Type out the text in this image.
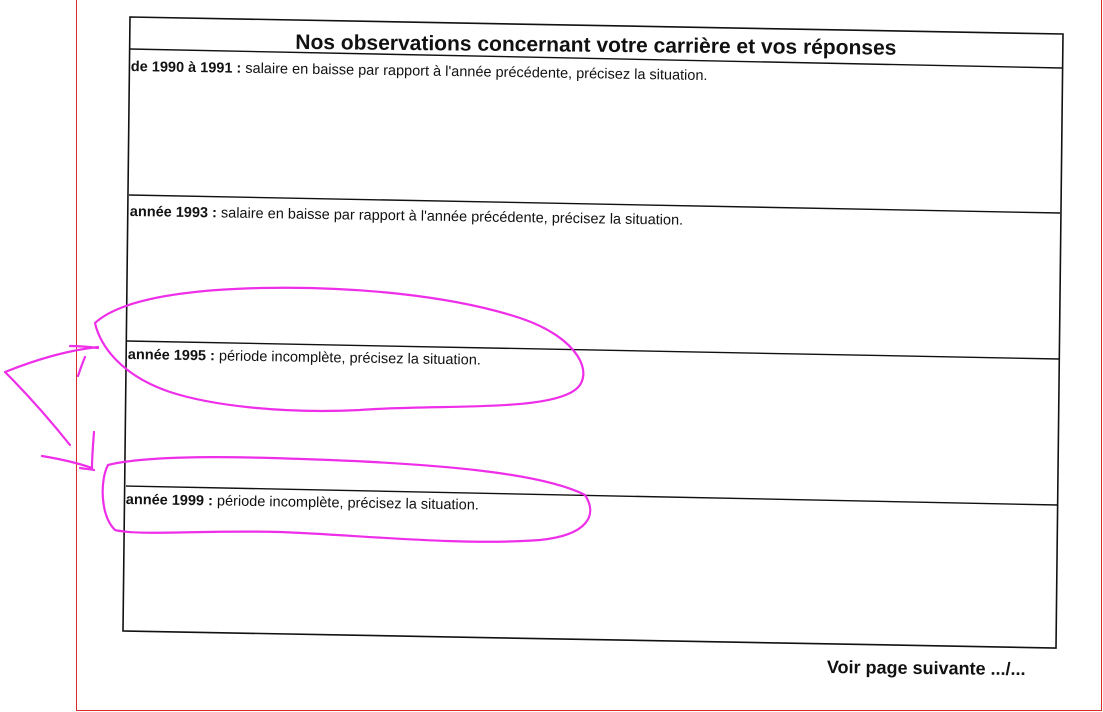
Nos observations concernant votre carrière et vos réponses
de 1990 à 1991 : salaire en baisse par rapport à l'année précédente, précisez la situation.
année 1993 : salaire en baisse par rapport à l'année précédente, précisez la situation.
année 1995 : période incomplète, précisez la situation.
année 1999 : période incomplète, précisez la situation.
Voir page suivante .../...
